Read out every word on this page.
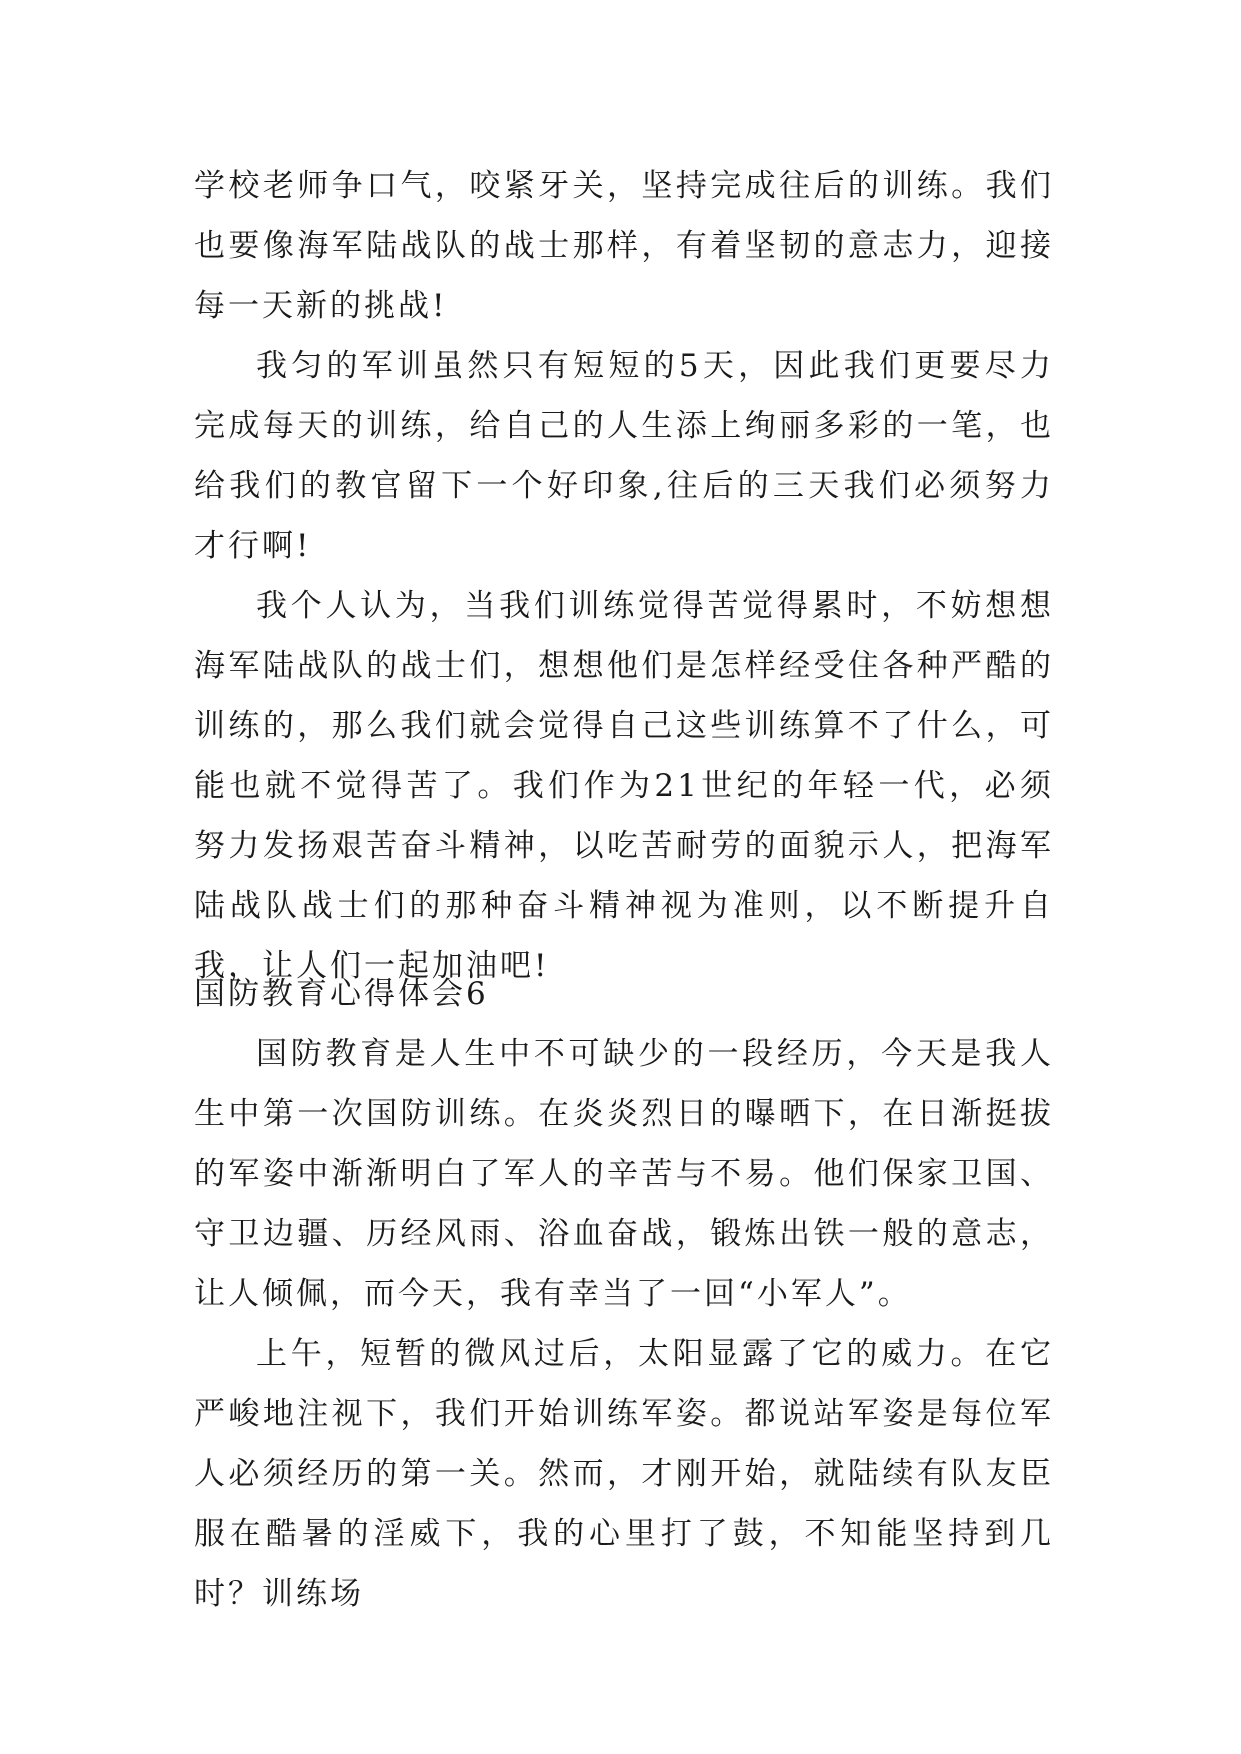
学校老师争口气，咬紧牙关，坚持完成往后的训练。我们也要像海军陆战队的战士那样，有着坚韧的意志力，迎接每一天新的挑战!

我匀的军训虽然只有短短的5天，因此我们更要尽力完成每天的训练，给自己的人生添上绚丽多彩的一笔，也给我们的教官留下一个好印象,往后的三天我们必须努力才行啊!

我个人认为，当我们训练觉得苦觉得累时，不妨想想海军陆战队的战士们，想想他们是怎样经受住各种严酷的训练的，那么我们就会觉得自己这些训练算不了什么，可能也就不觉得苦了。我们作为21世纪的年轻一代，必须努力发扬艰苦奋斗精神，以吃苦耐劳的面貌示人，把海军陆战队战士们的那种奋斗精神视为准则，以不断提升自我，让人们一起加油吧!

国防教育心得体会6

国防教育是人生中不可缺少的一段经历，今天是我人生中第一次国防训练。在炎炎烈日的曝晒下，在日渐挺拔的军姿中渐渐明白了军人的辛苦与不易。他们保家卫国、守卫边疆、历经风雨、浴血奋战，锻炼出铁一般的意志，让人倾佩，而今天，我有幸当了一回“小军人”。

上午，短暂的微风过后，太阳显露了它的威力。在它严峻地注视下，我们开始训练军姿。都说站军姿是每位军人必须经历的第一关。然而，才刚开始，就陆续有队友臣服在酷暑的淫威下，我的心里打了鼓，不知能坚持到几时？训练场
